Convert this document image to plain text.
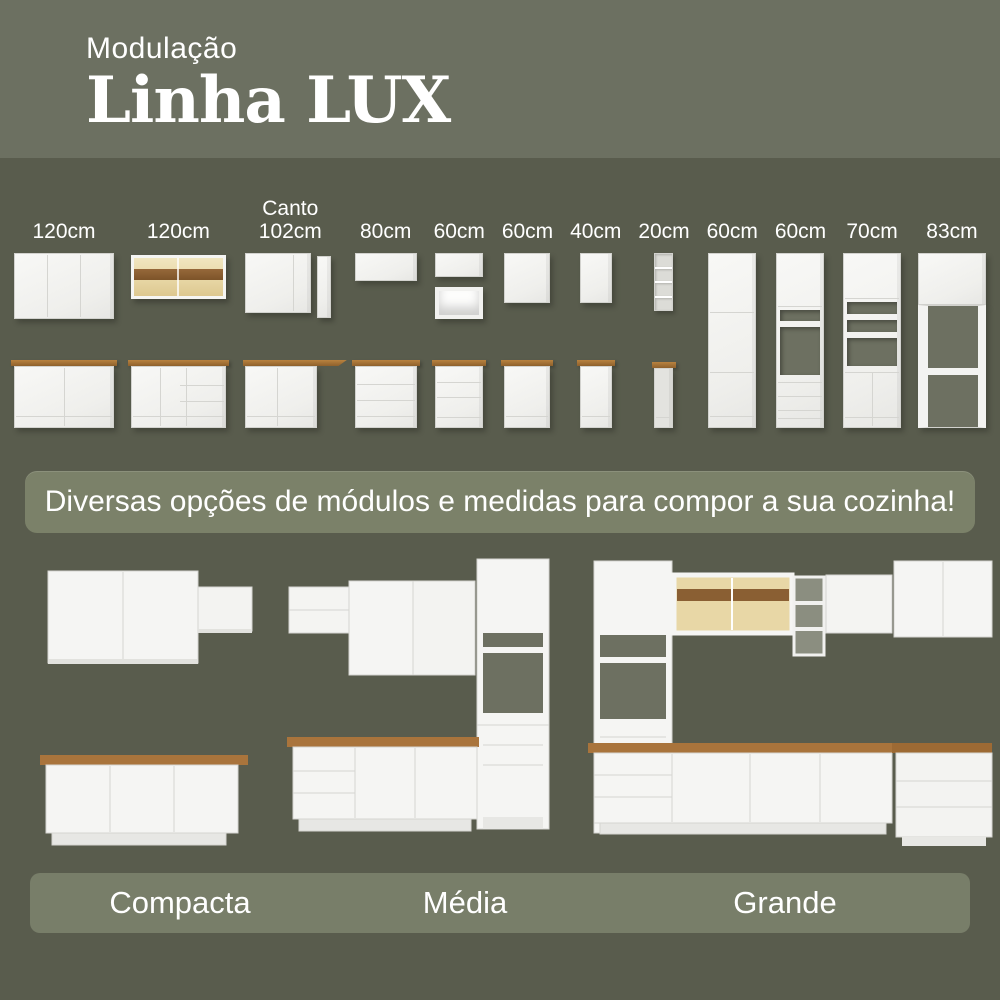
Modulação
Linha LUX
120cm 120cm
Canto
102cm 80cm 60cm 60cm 40cm 20cm 60cm 60cm 70cm 83cm
Diversas opções de módulos e medidas para compor a sua cozinha!
Compacta	Média	Grande
